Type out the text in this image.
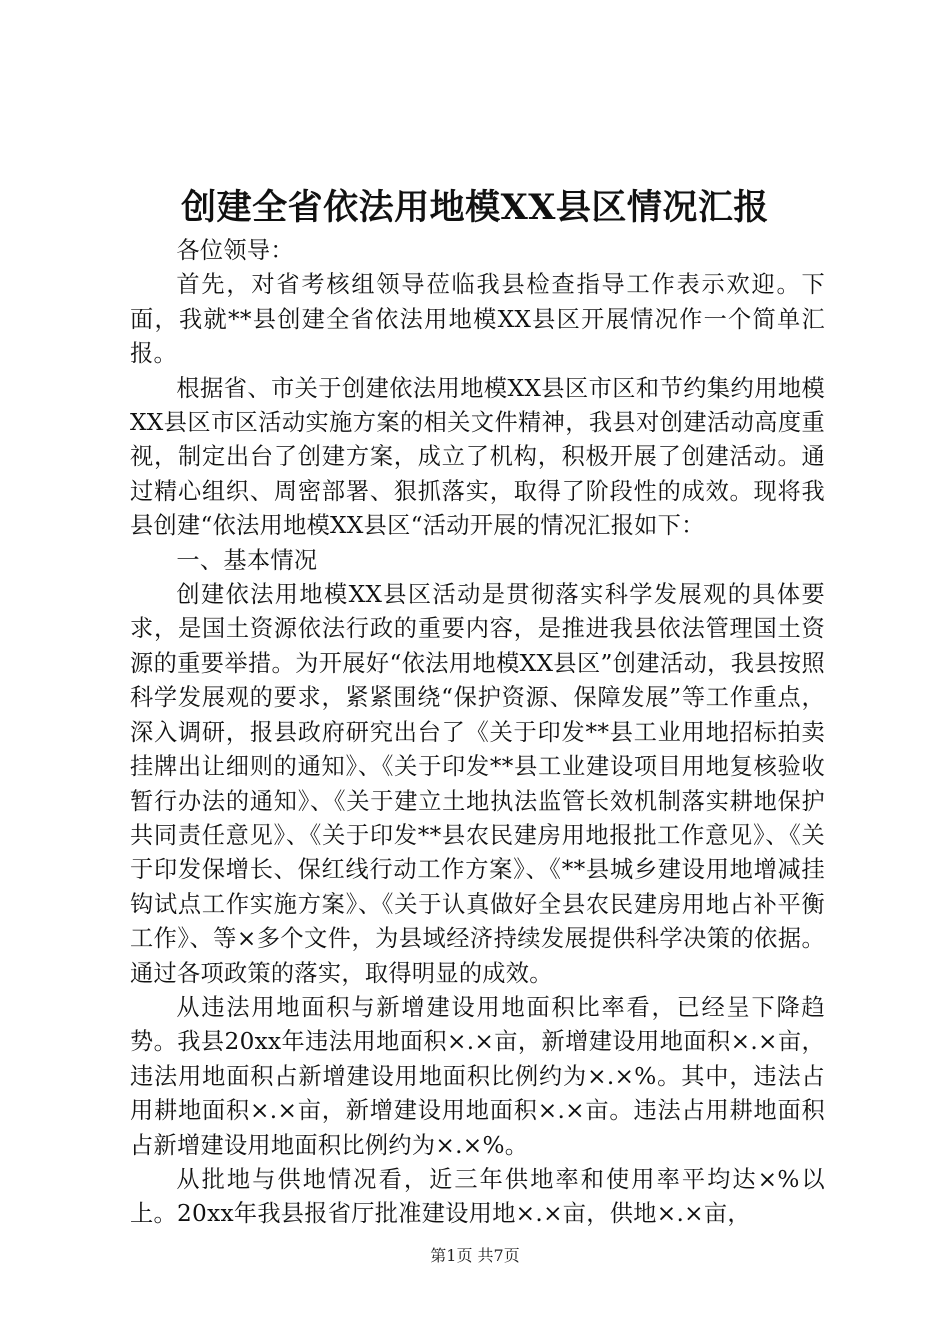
创建全省依法用地模XX县区情况汇报

各位领导：

首先，对省考核组领导莅临我县检查指导工作表示欢迎。下面，我就**县创建全省依法用地模XX县区开展情况作一个简单汇报。

根据省、市关于创建依法用地模XX县区市区和节约集约用地模XX县区市区活动实施方案的相关文件精神，我县对创建活动高度重视，制定出台了创建方案，成立了机构，积极开展了创建活动。通过精心组织、周密部署、狠抓落实，取得了阶段性的成效。现将我县创建“依法用地模XX县区“活动开展的情况汇报如下：

一、基本情况

创建依法用地模XX县区活动是贯彻落实科学发展观的具体要求，是国土资源依法行政的重要内容，是推进我县依法管理国土资源的重要举措。为开展好“依法用地模XX县区”创建活动，我县按照科学发展观的要求，紧紧围绕“保护资源、保障发展”等工作重点，深入调研，报县政府研究出台了《关于印发**县工业用地招标拍卖挂牌出让细则的通知》、《关于印发**县工业建设项目用地复核验收暂行办法的通知》、《关于建立土地执法监管长效机制落实耕地保护共同责任意见》、《关于印发**县农民建房用地报批工作意见》、《关于印发保增长、保红线行动工作方案》、《**县城乡建设用地增减挂钩试点工作实施方案》、《关于认真做好全县农民建房用地占补平衡工作》、等×多个文件，为县域经济持续发展提供科学决策的依据。通过各项政策的落实，取得明显的成效。

从违法用地面积与新增建设用地面积比率看，已经呈下降趋势。我县20xx年违法用地面积×.×亩，新增建设用地面积×.×亩，违法用地面积占新增建设用地面积比例约为×.×%。其中，违法占用耕地面积×.×亩，新增建设用地面积×.×亩。违法占用耕地面积占新增建设用地面积比例约为×.×%。

从批地与供地情况看，近三年供地率和使用率平均达×%以上。20xx年我县报省厅批准建设用地×.×亩，供地×.×亩，

第1页 共7页
